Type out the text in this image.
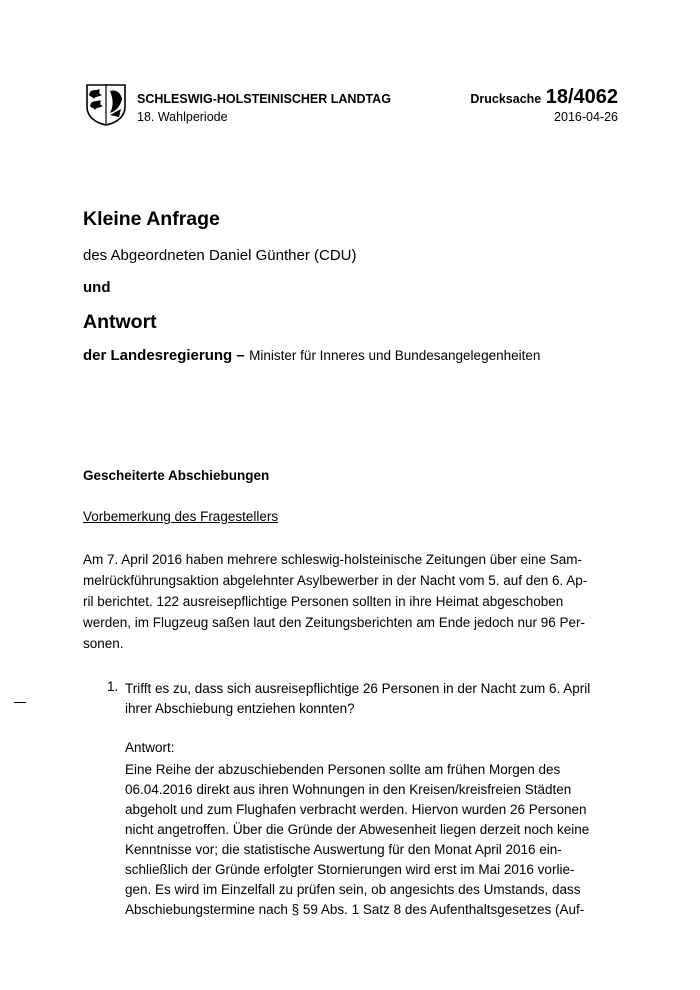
SCHLESWIG-HOLSTEINISCHER LANDTAG
18. Wahlperiode
Drucksache 18/4062
2016-04-26
Kleine Anfrage
des Abgeordneten Daniel Günther (CDU)
und
Antwort
der Landesregierung – Minister für Inneres und Bundesangelegenheiten
Gescheiterte Abschiebungen
Vorbemerkung des Fragestellers
Am 7. April 2016 haben mehrere schleswig-holsteinische Zeitungen über eine Sam-
melrückführungsaktion abgelehnter Asylbewerber in der Nacht vom 5. auf den 6. Ap-
ril berichtet. 122 ausreisepflichtige Personen sollten in ihre Heimat abgeschoben
werden, im Flugzeug saßen laut den Zeitungsberichten am Ende jedoch nur 96 Per-
sonen.
1. Trifft es zu, dass sich ausreisepflichtige 26 Personen in der Nacht zum 6. April
ihrer Abschiebung entziehen konnten?
Antwort:
Eine Reihe der abzuschiebenden Personen sollte am frühen Morgen des
06.04.2016 direkt aus ihren Wohnungen in den Kreisen/kreisfreien Städten
abgeholt und zum Flughafen verbracht werden. Hiervon wurden 26 Personen
nicht angetroffen. Über die Gründe der Abwesenheit liegen derzeit noch keine
Kenntnisse vor; die statistische Auswertung für den Monat April 2016 ein-
schließlich der Gründe erfolgter Stornierungen wird erst im Mai 2016 vorlie-
gen. Es wird im Einzelfall zu prüfen sein, ob angesichts des Umstands, dass
Abschiebungstermine nach § 59 Abs. 1 Satz 8 des Aufenthaltsgesetzes (Auf-
